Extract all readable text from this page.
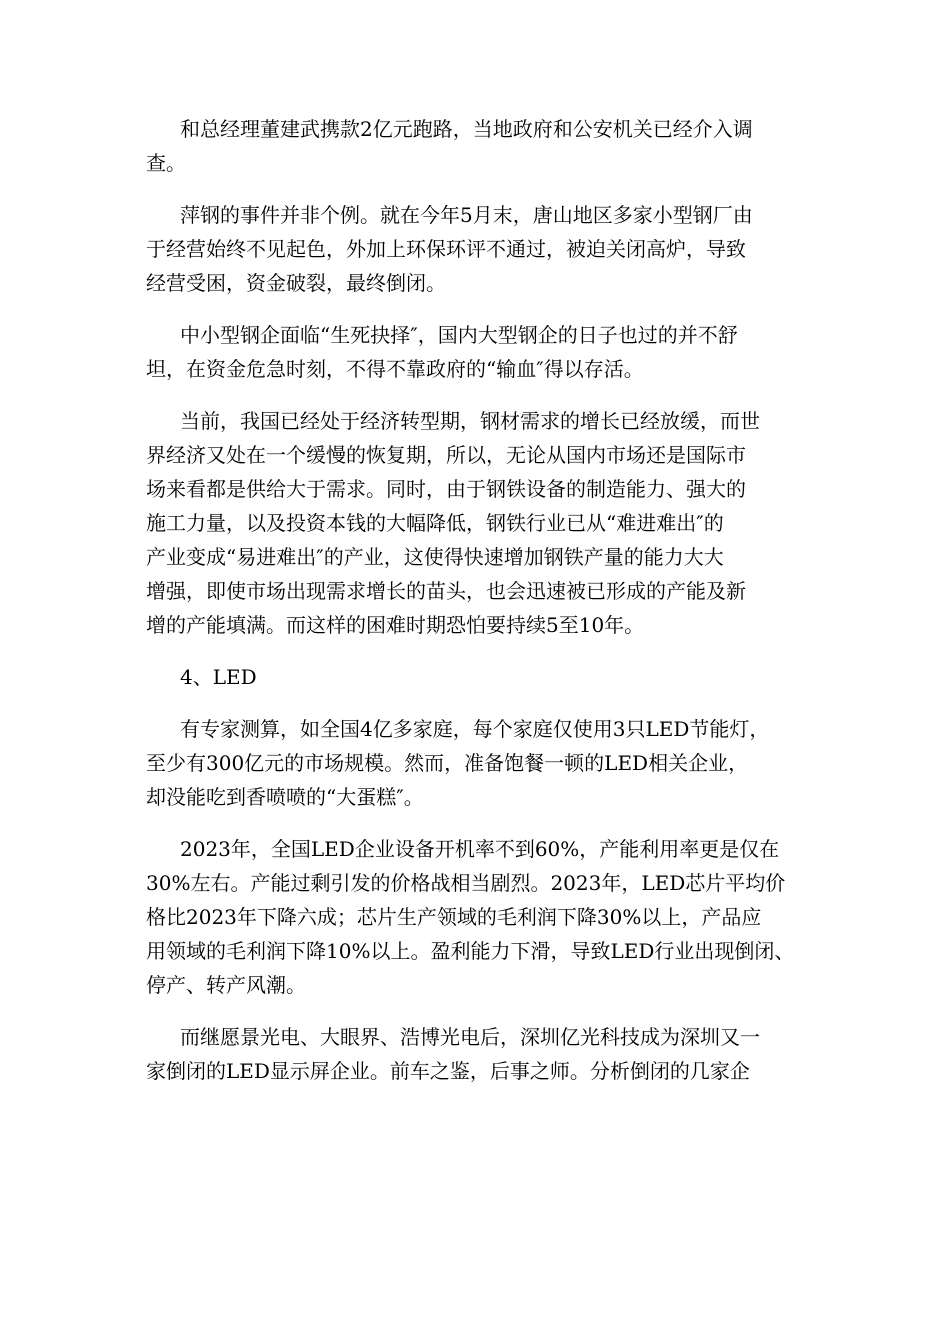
和总经理董建武携款2亿元跑路，当地政府和公安机关已经介入调
查。
萍钢的事件并非个例。就在今年5月末，唐山地区多家小型钢厂由
于经营始终不见起色，外加上环保环评不通过，被迫关闭高炉，导致
经营受困，资金破裂，最终倒闭。
中小型钢企面临“生死抉择″，国内大型钢企的日子也过的并不舒
坦，在资金危急时刻，不得不靠政府的“输血″得以存活。
当前，我国已经处于经济转型期，钢材需求的增长已经放缓，而世
界经济又处在一个缓慢的恢复期，所以，无论从国内市场还是国际市
场来看都是供给大于需求。同时，由于钢铁设备的制造能力、强大的
施工力量，以及投资本钱的大幅降低，钢铁行业已从“难进难出″的
产业变成“易进难出″的产业，这使得快速增加钢铁产量的能力大大
增强，即使市场出现需求增长的苗头，也会迅速被已形成的产能及新
增的产能填满。而这样的困难时期恐怕要持续5至10年。
4、LED
有专家测算，如全国4亿多家庭，每个家庭仅使用3只LED节能灯，
至少有300亿元的市场规模。然而，准备饱餐一顿的LED相关企业，
却没能吃到香喷喷的“大蛋糕″。
2023年，全国LED企业设备开机率不到60%，产能利用率更是仅在
30%左右。产能过剩引发的价格战相当剧烈。2023年，LED芯片平均价
格比2023年下降六成；芯片生产领域的毛利润下降30%以上，产品应
用领域的毛利润下降10%以上。盈利能力下滑，导致LED行业出现倒闭、
停产、转产风潮。
而继愿景光电、大眼界、浩博光电后，深圳亿光科技成为深圳又一
家倒闭的LED显示屏企业。前车之鉴，后事之师。分析倒闭的几家企
